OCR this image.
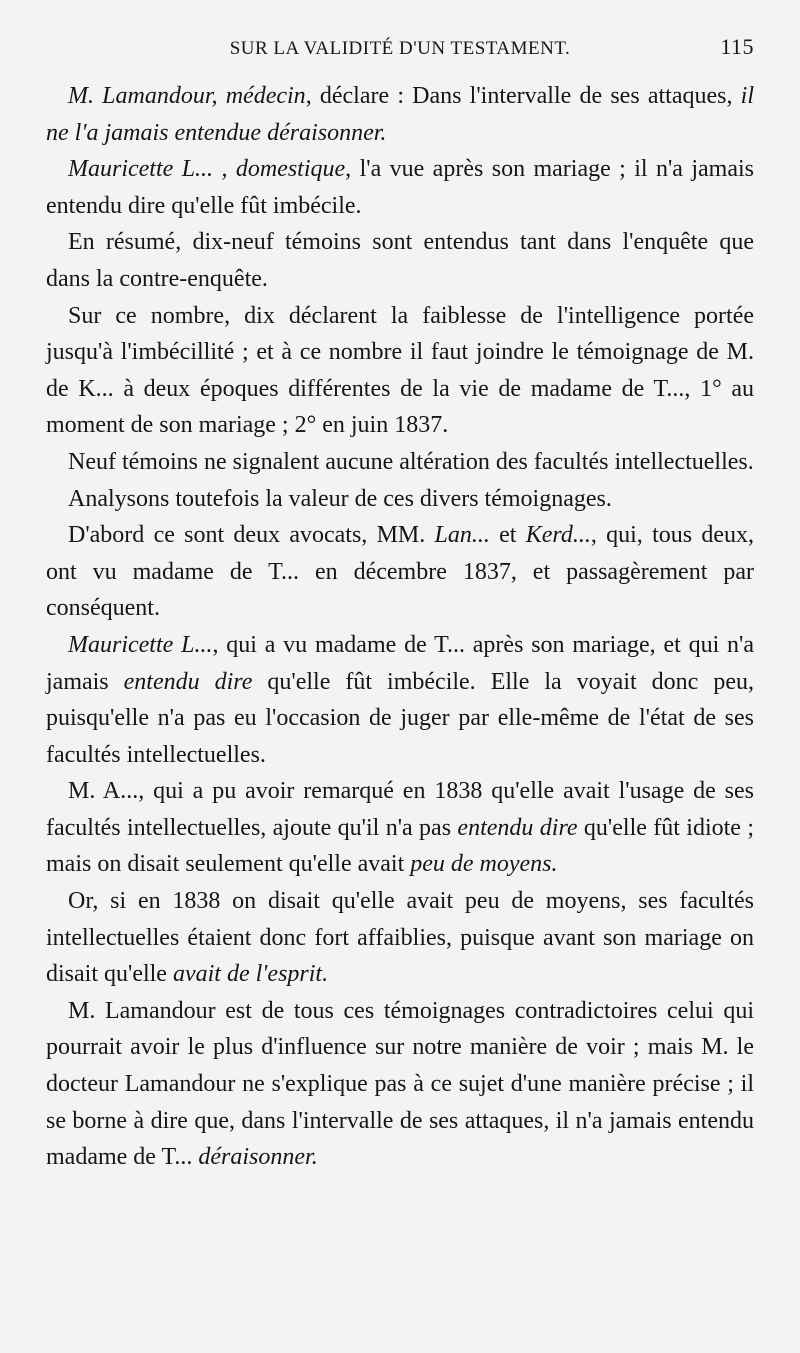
SUR LA VALIDITÉ D'UN TESTAMENT.	115

M. Lamandour, médecin, déclare : Dans l'intervalle de ses attaques, il ne l'a jamais entendue déraisonner.

Mauricette L... , domestique, l'a vue après son mariage ; il n'a jamais entendu dire qu'elle fût imbécile.

En résumé, dix-neuf témoins sont entendus tant dans l'enquête que dans la contre-enquête.

Sur ce nombre, dix déclarent la faiblesse de l'intelligence portée jusqu'à l'imbécillité ; et à ce nombre il faut joindre le témoignage de M. de K... à deux époques différentes de la vie de madame de T..., 1° au moment de son mariage ; 2° en juin 1837.

Neuf témoins ne signalent aucune altération des facultés intellectuelles.

Analysons toutefois la valeur de ces divers témoignages.

D'abord ce sont deux avocats, MM. Lan... et Kerd..., qui, tous deux, ont vu madame de T... en décembre 1837, et passagèrement par conséquent.

Mauricette L..., qui a vu madame de T... après son mariage, et qui n'a jamais entendu dire qu'elle fût imbécile. Elle la voyait donc peu, puisqu'elle n'a pas eu l'occasion de juger par elle-même de l'état de ses facultés intellectuelles.

M. A..., qui a pu avoir remarqué en 1838 qu'elle avait l'usage de ses facultés intellectuelles, ajoute qu'il n'a pas entendu dire qu'elle fût idiote ; mais on disait seulement qu'elle avait peu de moyens.

Or, si en 1838 on disait qu'elle avait peu de moyens, ses facultés intellectuelles étaient donc fort affaiblies, puisque avant son mariage on disait qu'elle avait de l'esprit.

M. Lamandour est de tous ces témoignages contradictoires celui qui pourrait avoir le plus d'influence sur notre manière de voir ; mais M. le docteur Lamandour ne s'explique pas à ce sujet d'une manière précise ; il se borne à dire que, dans l'intervalle de ses attaques, il n'a jamais entendu madame de T... déraisonner.
